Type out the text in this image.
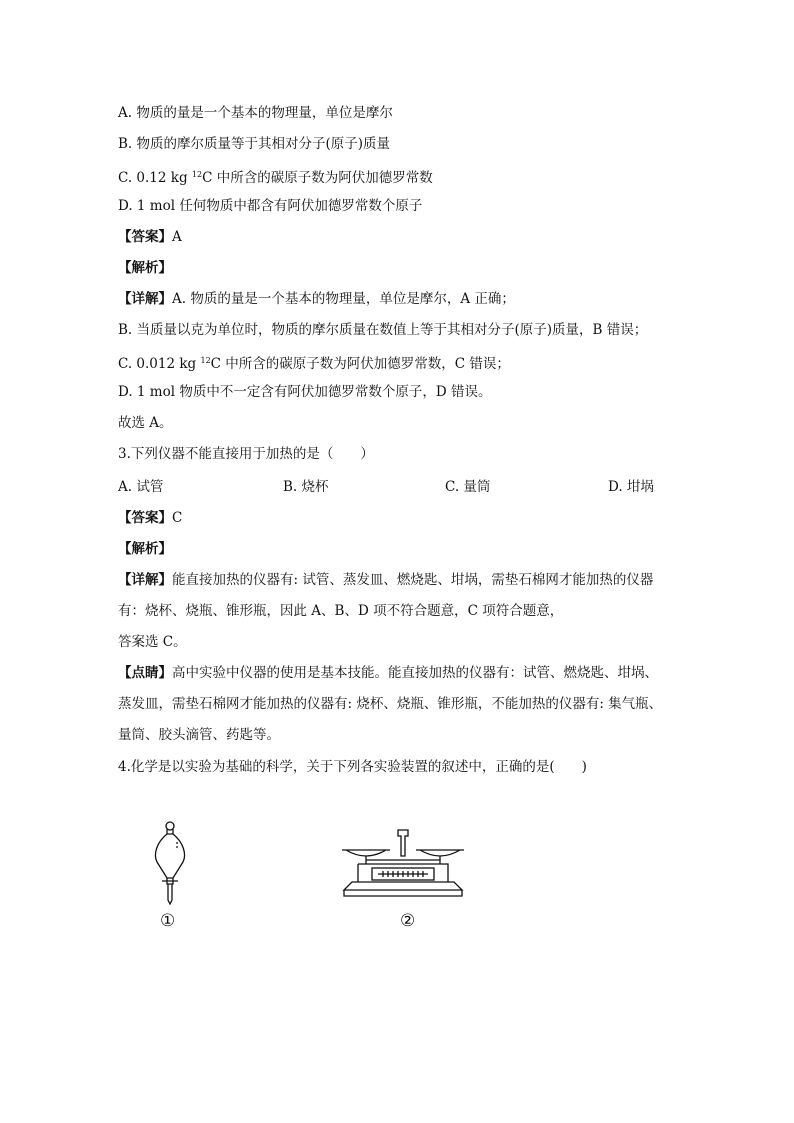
A. 物质的量是一个基本的物理量，单位是摩尔
B. 物质的摩尔质量等于其相对分子(原子)质量
C. 0.12 kg $^{12}$C 中所含的碳原子数为阿伏加德罗常数
D. 1 mol 任何物质中都含有阿伏加德罗常数个原子
【答案】A
【解析】
【详解】A. 物质的量是一个基本的物理量，单位是摩尔，A 正确；
B. 当质量以克为单位时，物质的摩尔质量在数值上等于其相对分子(原子)质量，B 错误；
C. 0.012 kg $^{12}$C 中所含的碳原子数为阿伏加德罗常数，C 错误；
D. 1 mol 物质中不一定含有阿伏加德罗常数个原子，D 错误。
故选 A。
3.下列仪器不能直接用于加热的是（　　）
A. 试管	B. 烧杯	C. 量筒	D. 坩埚
【答案】C
【解析】
【详解】能直接加热的仪器有: 试管、蒸发皿、燃烧匙、坩埚，需垫石棉网才能加热的仪器
有：烧杯、烧瓶、锥形瓶，因此 A、B、D 项不符合题意，C 项符合题意，
答案选 C。
【点睛】高中实验中仪器的使用是基本技能。能直接加热的仪器有：试管、燃烧匙、坩埚、
蒸发皿，需垫石棉网才能加热的仪器有: 烧杯、烧瓶、锥形瓶，不能加热的仪器有: 集气瓶、
量筒、胶头滴管、药匙等。
4.化学是以实验为基础的科学，关于下列各实验装置的叙述中，正确的是(　　)
①	②
